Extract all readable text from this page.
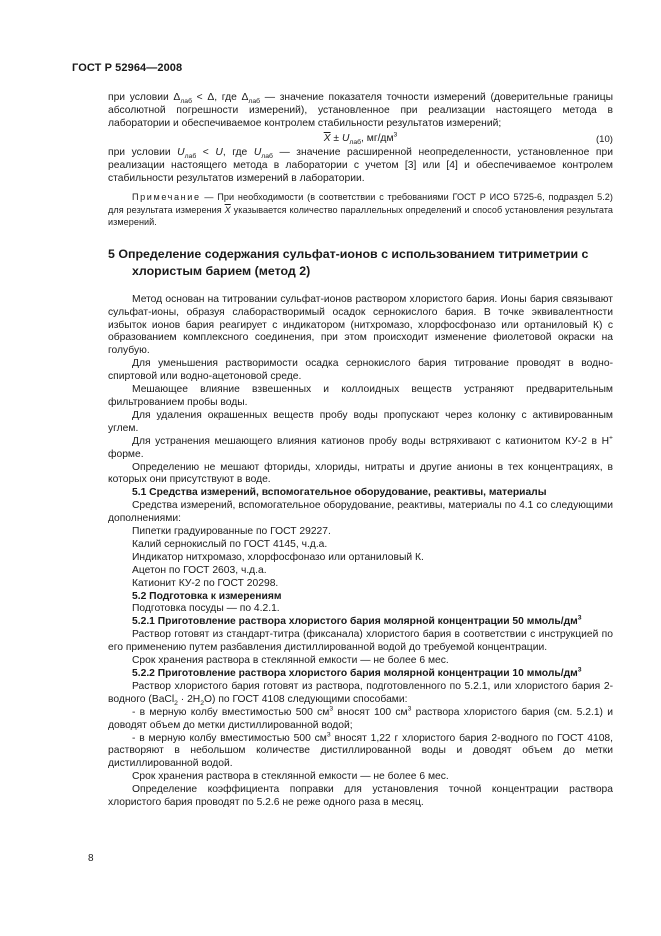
ГОСТ Р 52964—2008

при условии $\Delta_{лаб} < \Delta$, где $\Delta_{лаб}$ — значение показателя точности измерений (доверительные границы абсолютной погрешности измерений), установленное при реализации настоящего метода в лаборатории и обеспечиваемое контролем стабильности результатов измерений;

$\overline{X} \pm U_{лаб}$, $мг/дм^3$	(10)

при условии $U_{лаб} < U$, где $U_{лаб}$ — значение расширенной неопределенности, установленное при реализации настоящего метода в лаборатории с учетом [3] или [4] и обеспечиваемое контролем стабильности результатов измерений в лаборатории.

Примечание — При необходимости (в соответствии с требованиями ГОСТ Р ИСО 5725-6, подраздел 5.2) для результата измерения $\overline{X}$ указывается количество параллельных определений и способ установления результата измерений.

5 Определение содержания сульфат-ионов с использованием титриметрии с хлористым барием (метод 2)

Метод основан на титровании сульфат-ионов раствором хлористого бария. Ионы бария связывают сульфат-ионы, образуя слаборастворимый осадок сернокислого бария. В точке эквивалентности избыток ионов бария реагирует с индикатором (нитхромазо, хлорфосфоназо или ортаниловый К) с образованием комплексного соединения, при этом происходит изменение фиолетовой окраски на голубую.

Для уменьшения растворимости осадка сернокислого бария титрование проводят в водно-спиртовой или водно-ацетоновой среде.

Мешающее влияние взвешенных и коллоидных веществ устраняют предварительным фильтрованием пробы воды.

Для удаления окрашенных веществ пробу воды пропускают через колонку с активированным углем.

Для устранения мешающего влияния катионов пробу воды встряхивают с катионитом КУ-2 в Н+ форме.

Определению не мешают фториды, хлориды, нитраты и другие анионы в тех концентрациях, в которых они присутствуют в воде.

5.1 Средства измерений, вспомогательное оборудование, реактивы, материалы

Средства измерений, вспомогательное оборудование, реактивы, материалы по 4.1 со следующими дополнениями:

Пипетки градуированные по ГОСТ 29227.

Калий сернокислый по ГОСТ 4145, ч.д.а.

Индикатор нитхромазо, хлорфосфоназо или ортаниловый К.

Ацетон по ГОСТ 2603, ч.д.а.

Катионит КУ-2 по ГОСТ 20298.

5.2 Подготовка к измерениям

Подготовка посуды — по 4.2.1.

5.2.1 Приготовление раствора хлористого бария молярной концентрации 50 ммоль/$дм^3$

Раствор готовят из стандарт-титра (фиксанала) хлористого бария в соответствии с инструкцией по его применению путем разбавления дистиллированной водой до требуемой концентрации.

Срок хранения раствора в стеклянной емкости — не более 6 мес.

5.2.2 Приготовление раствора хлористого бария молярной концентрации 10 ммоль/$дм^3$

Раствор хлористого бария готовят из раствора, подготовленного по 5.2.1, или хлористого бария 2-водного (BaCl$_2$ · $2H_2O$) по ГОСТ 4108 следующими способами:

- в мерную колбу вместимостью 500 $см^3$ вносят 100 $см^3$ раствора хлористого бария (см. 5.2.1) и доводят объем до метки дистиллированной водой;

- в мерную колбу вместимостью 500 $см^3$ вносят 1,22 г хлористого бария 2-водного по ГОСТ 4108, растворяют в небольшом количестве дистиллированной воды и доводят объем до метки дистиллированной водой.

Срок хранения раствора в стеклянной емкости — не более 6 мес.

Определение коэффициента поправки для установления точной концентрации раствора хлористого бария проводят по 5.2.6 не реже одного раза в месяц.

8
